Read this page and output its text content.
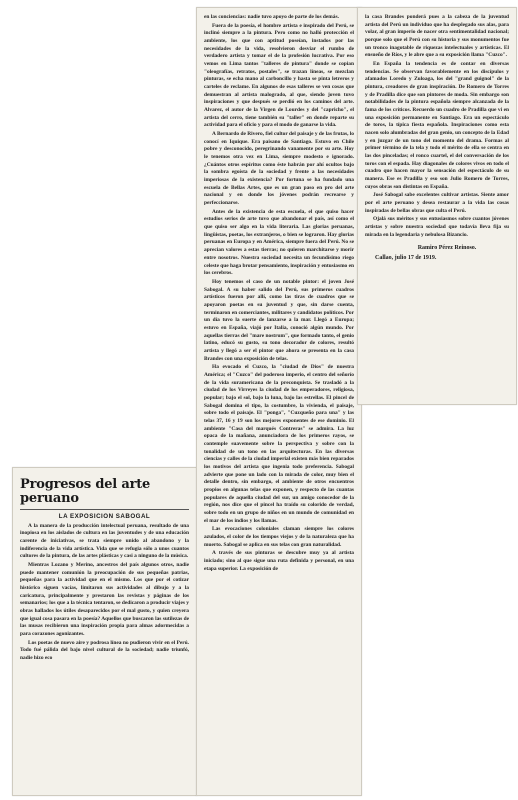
Progresos del arte peruano
LA EXPOSICION SABOGAL

A la manera de la producción intelectual peruana, resultado de una inopiosa en los aislados de cultura en las juventudes y de una educación carente de iniciativas, se trata siempre unido al abandono y la indiferencia de la vida artística. Vida que se refugia sólo a unos cuantos cultores de la pintura, de las artes plásticas y casi a ninguno de la música.

Mientras Lozano y Merino, ancestros del país algunos otros, nadie puede mantener comunión la preocupación de sus pequeñas patrias, pequeñas para la actividad que en el mismo. Los que por el cotizar histórico siguen vacías, limitaron sus actividades al dibujo y a la caricatura, principalmente y prestaron las revistas y páginas de los semanarios; los que a la técnica tentaron, se dedicaron a producir viajes y obras hallados los útiles desaparecidos por el mal gusto, y quien creyera que igual cosa pasara en la poesía? Aquellos que buscaron las sutilezas de las musas recibieron una inspiración propia para almas adormecidas a para corazones agonizantes.

Los poetas de nuevo aire y podrosa línea no pudieron vivir en el Perú. Todo fué pálida del bajo nivel cultural de la sociedad; nadie triunfó, nadie hizo eco

en las conciencias: nadie tuvo apoyo de parte de los demás.

Fuera de la poesía, el hombre artista e inspirado del Perú, se inclinó siempre a la pintura. Pero como no halló protección el ambiente, los que con aptitud poseían, instados por las necesidades de la vida, resolvieron desviar el rumbo de verdadero artista y tomar el de la profesión lucrativa. Por eso vemos en Lima tantos "talleres de pintura" donde se copian "oleografías, retratos, postales", se trazan líneas, se mezclan pinturas, se echa mano al carboncillo y hasta se pinta letreros y carteles de reclame. En algunos de esas talleres se ven cosas que demuestran al artista malogrado, al que, siendo joven tuvo inspiraciones y que después se perdió en los caminos del arte. Alvarez, el autor de la Virgen de Lourdes y del "capricho", el artista del cerro, tiene también su "taller" en donde reparte su actividad para el oficio y para el modo de ganarse la vida.

A Bernardo de Rivero, fiel cultor del paisaje y de las frutas, lo conocí en Iquique. Era paisano de Santiago. Estuvo en Chile pobre y desconocido, peregrinando vanamente por su arte. Hoy le tenemos otra vez en Lima, siempre modesto e ignorado. ¿Cuántos otros espíritus como éste habrán por ahí ocultos bajo la sombra egoísta de la sociedad y frente a las necesidades imperiosas de la existencia? Por fortuna se ha fundado una escuela de Bellas Artes, que es un gran paso en pro del arte nacional y en donde los jóvenes podrán recrearse y perfeccionarse.

Antes de la existencia de esta escuela, el que quiso hacer estudios serios de arte tuvo que abandonar el país, así como el que quiso ser algo en la vida literaria. Las glorias peruanas, lingüistas, poetas, los extranjeros, o bien se lograron. Hay glorias peruanas en Europa y en América, siempre fuera del Perú. No se aprecian valores a estas tierras; no quieren marchitarse y morir entre nosotros. Nuestra sociedad necesita un fecundísimo riego celeste que haga brotar pensamiento, inspiración y entusiasmo en los cerebros.

Hoy tenemos el caso de un notable pintor: el joven José Sabogal. A su haber salido del Perú, sus primeros cuadros artísticos fueron por allí, como las tiras de cuadros que se apoyaron poetas en su juventud y que, sin darse cuenta, terminaron en comerciantes, militares y candidatos políticos. Por un día tuvo la suerte de lanzarse a la mar. Llegó a Europa; estuvo en España, viajó por Italia, conoció algún mundo. Por aquellas tierras del "mare nostrum", que formado tanto, el genio latino, educó su gusto, su tono decorador de colores, resultó artista y llegó a ser el pintor que ahora se presenta en la casa Brandes con una exposición de telas.

Ha evocado el Cuzco, la "ciudad de Dios" de nuestra América; el "Cuzco" del poderoso imperio, el centro del señorío de la vida suramericana de la preconquista. Se trasladó a la ciudad de los Virreyes la ciudad de los emperadores, religiosa, popular; bajo el sol, bajo la luna, bajo las estrellas. El pincel de Sabogal domina el tipo, la costumbre, la vivienda, el paisaje, sobre todo el paisaje. El "ponga", "Cuzqueño para una" y las telas 37, 16 y 19 son los mejores exponentes de ese dominio. El ambiente "Casa del marqués Contreras" se admira. La luz opaca de la mañana, anunciadora de los primeros rayos, se contemple suavemente sobre la perspectiva y sobre con la tonalidad de un tono en las arquitecturas. En las diversas ciencias y calles de la ciudad imperial existen más bien reparados los motivos del artista que ingenia todo preferencia. Sabogal advierte que pone un lado con la mirada de color, muy bien el detalle dentro, sin embargo, el ambiente de otros encuentros propios en algunas telas que exponen, y respecto de las cuantas populares de aquella ciudad del sur, un amigo conocedor de la región, nos dice que el pincel ha traído su colorido de verdad, sobre todo en un grupo de niños en un mundo de comunidad en el mar de los indios y los llamas.

Las evocaciones coloniales claman siempre los colores azulados, el color de los tiempos viejos y de la naturaleza que ha muerto. Sabogal se aplica en sus telas con gran naturalidad.

A través de sus pinturas se descubre muy ya al artista iniciado; sino al que sigue una ruta definida y personal, en una etapa superior. La exposición de

la casa Brandes ponderá pues a la cabeza de la juventud artista del Perú un individuo que ha desplegado sus alas, para volar, al gran imperio de nacer otra sentimentalidad nacional; porque solo que el Perú con su historia y sus monumentos fue un tronco inagotable de riquezas intelectuales y artísticas. El ensueño de Ríos, y le abre que a su exposición llama "Cuzco".

En España la tendencia es de contar en diversas tendencias. Se observan favorablemente en los discípulos y afamados Loredo y Zuloaga, los del "grand guignol" de la pintura, creadores de gran inspiración. De Romero de Torres y de Pradilla dice que son pintores de moda. Sin embargo son notabilidades de la pintura española siempre alcanzada de la fama de los críticos. Recuerdo un cuadro de Pradilla que vi en una exposición permanente en Santiago. Era un espectáculo de toros, la típica fiesta española. Inspiraciones como esta nacen solo alumbradas del gran genio, un concepto de la Edad y en juzgar de un tono del momento del drama. Formas al primer término de la tela y todo el mérito de ella se centra en las dos pinceladas; el ronco cuartel, el del conversación de los toros con el espada. Hay diagonales de colores vivos en todo el cuadro que hacen mayor la sensación del espectáculo de su manera. Ese es Pradilla y eso son Julio Romero de Torres, cuyos obras son distintas en España.

José Sabogal sabe excelentes cultivar artistas. Siente amor por el arte peruano y desea restaurar a la vida las cosas inspiradas de bellas obras que culta el Perú.

Ojalá sus méritos y sus entusiasmos sobre cuantos jóvenes artistas y sobre nuestra sociedad que todavía lleva fija su mirada en la legendaria y nebulosa Bizancio.

Ramiro Pérez Reinoso.
Callao, julio 17 de 1919.
